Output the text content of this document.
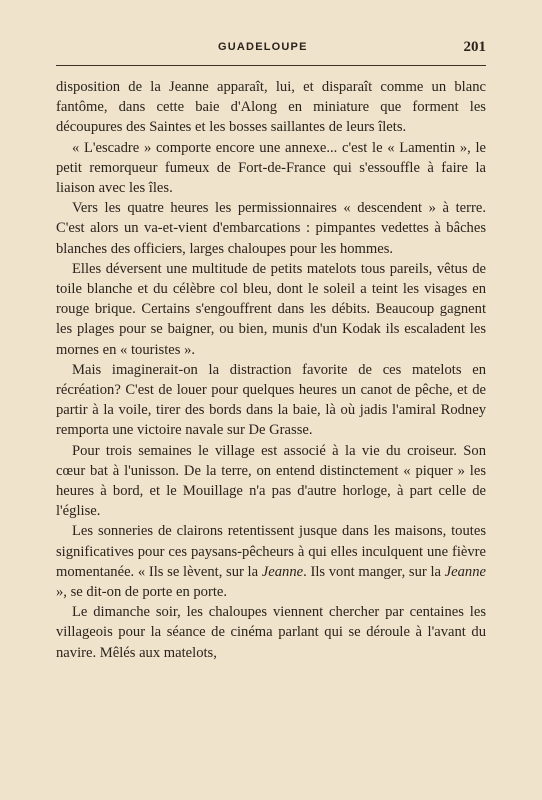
GUADELOUPE	201

disposition de la Jeanne apparaît, lui, et disparaît comme un blanc fantôme, dans cette baie d'Along en miniature que forment les découpures des Saintes et les bosses saillantes de leurs îlets.

« L'escadre » comporte encore une annexe... c'est le « Lamentin », le petit remorqueur fumeux de Fort-de-France qui s'essouffle à faire la liaison avec les îles.

Vers les quatre heures les permissionnaires « descendent » à terre. C'est alors un va-et-vient d'embarcations : pimpantes vedettes à bâches blanches des officiers, larges chaloupes pour les hommes.

Elles déversent une multitude de petits matelots tous pareils, vêtus de toile blanche et du célèbre col bleu, dont le soleil a teint les visages en rouge brique. Certains s'engouffrent dans les débits. Beaucoup gagnent les plages pour se baigner, ou bien, munis d'un Kodak ils escaladent les mornes en « touristes ».

Mais imaginerait-on la distraction favorite de ces matelots en récréation? C'est de louer pour quelques heures un canot de pêche, et de partir à la voile, tirer des bords dans la baie, là où jadis l'amiral Rodney remporta une victoire navale sur De Grasse.

Pour trois semaines le village est associé à la vie du croiseur. Son cœur bat à l'unisson. De la terre, on entend distinctement « piquer » les heures à bord, et le Mouillage n'a pas d'autre horloge, à part celle de l'église.

Les sonneries de clairons retentissent jusque dans les maisons, toutes significatives pour ces paysans-pêcheurs à qui elles inculquent une fièvre momentanée. « Ils se lèvent, sur la Jeanne. Ils vont manger, sur la Jeanne », se dit-on de porte en porte.

Le dimanche soir, les chaloupes viennent chercher par centaines les villageois pour la séance de cinéma parlant qui se déroule à l'avant du navire. Mêlés aux matelots,
